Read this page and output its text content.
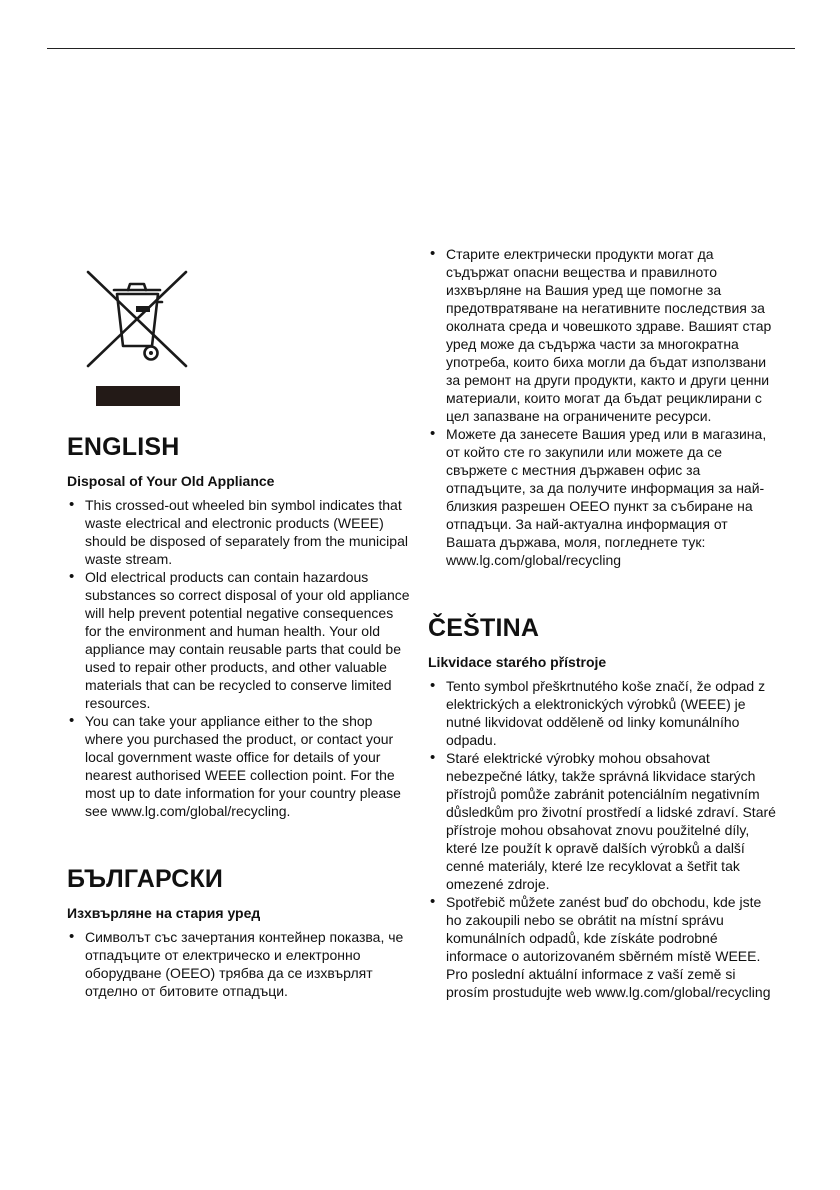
ENGLISH
Disposal of Your Old Appliance
• This crossed-out wheeled bin symbol indicates that waste electrical and electronic products (WEEE) should be disposed of separately from the municipal waste stream.
• Old electrical products can contain hazardous substances so correct disposal of your old appliance will help prevent potential negative consequences for the environment and human health. Your old appliance may contain reusable parts that could be used to repair other products, and other valuable materials that can be recycled to conserve limited resources.
• You can take your appliance either to the shop where you purchased the product, or contact your local government waste office for details of your nearest authorised WEEE collection point. For the most up to date information for your country please see www.lg.com/global/recycling.
БЪЛГАРСКИ
Изхвърляне на стария уред
• Символът със зачертания контейнер показва, че отпадъците от електрическо и електронно оборудване (ОЕЕО) трябва да се изхвърлят отделно от битовите отпадъци.
• Старите електрически продукти могат да съдържат опасни вещества и правилното изхвърляне на Вашия уред ще помогне за предотвратяване на негативните последствия за околната среда и човешкото здраве. Вашият стар уред може да съдържа части за многократна употреба, които биха могли да бъдат използвани за ремонт на други продукти, както и други ценни материали, които могат да бъдат рециклирани с цел запазване на ограничените ресурси.
• Можете да занесете Вашия уред или в магазина, от който сте го закупили или можете да се свържете с местния държавен офис за отпадъците, за да получите информация за най-близкия разрешен ОЕЕО пункт за събиране на отпадъци. За най-актуална информация от Вашата държава, моля, погледнете тук: www.lg.com/global/recycling
ČEŠTINA
Likvidace starého přístroje
• Tento symbol přeškrtnutého koše značí, že odpad z elektrických a elektronických výrobků (WEEE) je nutné likvidovat odděleně od linky komunálního odpadu.
• Staré elektrické výrobky mohou obsahovat nebezpečné látky, takže správná likvidace starých přístrojů pomůže zabránit potenciálním negativním důsledkům pro životní prostředí a lidské zdraví. Staré přístroje mohou obsahovat znovu použitelné díly, které lze použít k opravě dalších výrobků a další cenné materiály, které lze recyklovat a šetřit tak omezené zdroje.
• Spotřebič můžete zanést buď do obchodu, kde jste ho zakoupili nebo se obrátit na místní správu komunálních odpadů, kde získáte podrobné informace o autorizovaném sběrném místě WEEE. Pro poslední aktuální informace z vaší země si prosím prostudujte web www.lg.com/global/recycling
